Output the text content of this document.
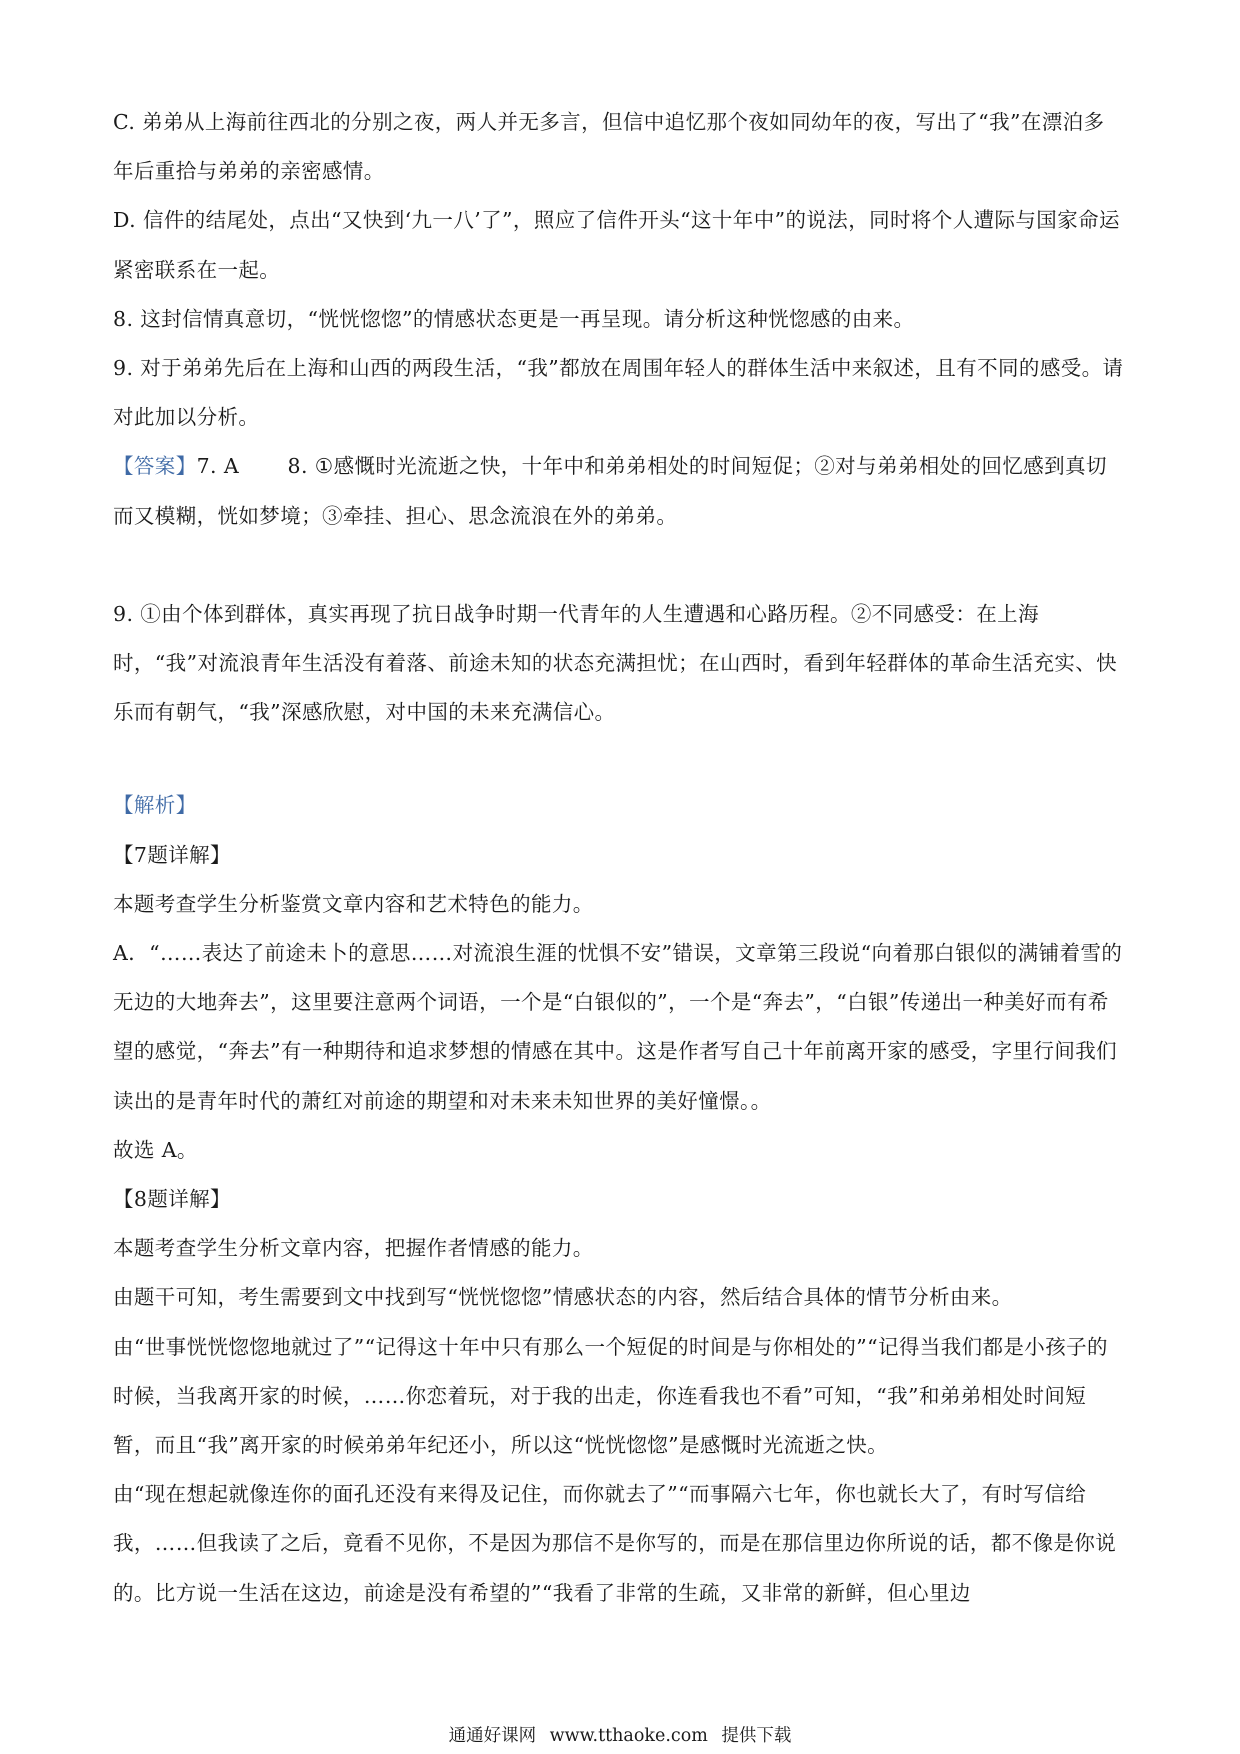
C. 弟弟从上海前往西北的分别之夜，两人并无多言，但信中追忆那个夜如同幼年的夜，写出了“我”在漂泊多年后重拾与弟弟的亲密感情。

D. 信件的结尾处，点出“又快到‘九一八’了”，照应了信件开头“这十年中”的说法，同时将个人遭际与国家命运紧密联系在一起。

8. 这封信情真意切，“恍恍惚惚”的情感状态更是一再呈现。请分析这种恍惚感的由来。

9. 对于弟弟先后在上海和山西的两段生活，“我”都放在周围年轻人的群体生活中来叙述，且有不同的感受。请对此加以分析。

【答案】7. A 8. ①感慨时光流逝之快，十年中和弟弟相处的时间短促；②对与弟弟相处的回忆感到真切而又模糊，恍如梦境；③牵挂、担心、思念流浪在外的弟弟。

9. ①由个体到群体，真实再现了抗日战争时期一代青年的人生遭遇和心路历程。②不同感受：在上海时，“我”对流浪青年生活没有着落、前途未知的状态充满担忧；在山西时，看到年轻群体的革命生活充实、快乐而有朝气，“我”深感欣慰，对中国的未来充满信心。

【解析】

【7题详解】

本题考查学生分析鉴赏文章内容和艺术特色的能力。

A．“……表达了前途未卜的意思……对流浪生涯的忧惧不安”错误，文章第三段说“向着那白银似的满铺着雪的无边的大地奔去”，这里要注意两个词语，一个是“白银似的”，一个是“奔去”，“白银”传递出一种美好而有希望的感觉，“奔去”有一种期待和追求梦想的情感在其中。这是作者写自己十年前离开家的感受，字里行间我们读出的是青年时代的萧红对前途的期望和对未来未知世界的美好憧憬。。

故选 A。

【8题详解】

本题考查学生分析文章内容，把握作者情感的能力。

由题干可知，考生需要到文中找到写“恍恍惚惚”情感状态的内容，然后结合具体的情节分析由来。

由“世事恍恍惚惚地就过了”“记得这十年中只有那么一个短促的时间是与你相处的”“记得当我们都是小孩子的时候，当我离开家的时候，……你恋着玩，对于我的出走，你连看我也不看”可知，“我”和弟弟相处时间短暂，而且“我”离开家的时候弟弟年纪还小，所以这“恍恍惚惚”是感慨时光流逝之快。

由“现在想起就像连你的面孔还没有来得及记住，而你就去了”“而事隔六七年，你也就长大了，有时写信给我，……但我读了之后，竟看不见你，不是因为那信不是你写的，而是在那信里边你所说的话，都不像是你说的。比方说一生活在这边，前途是没有希望的”“我看了非常的生疏，又非常的新鲜，但心里边

通通好课网 www.tthaoke.com 提供下载
